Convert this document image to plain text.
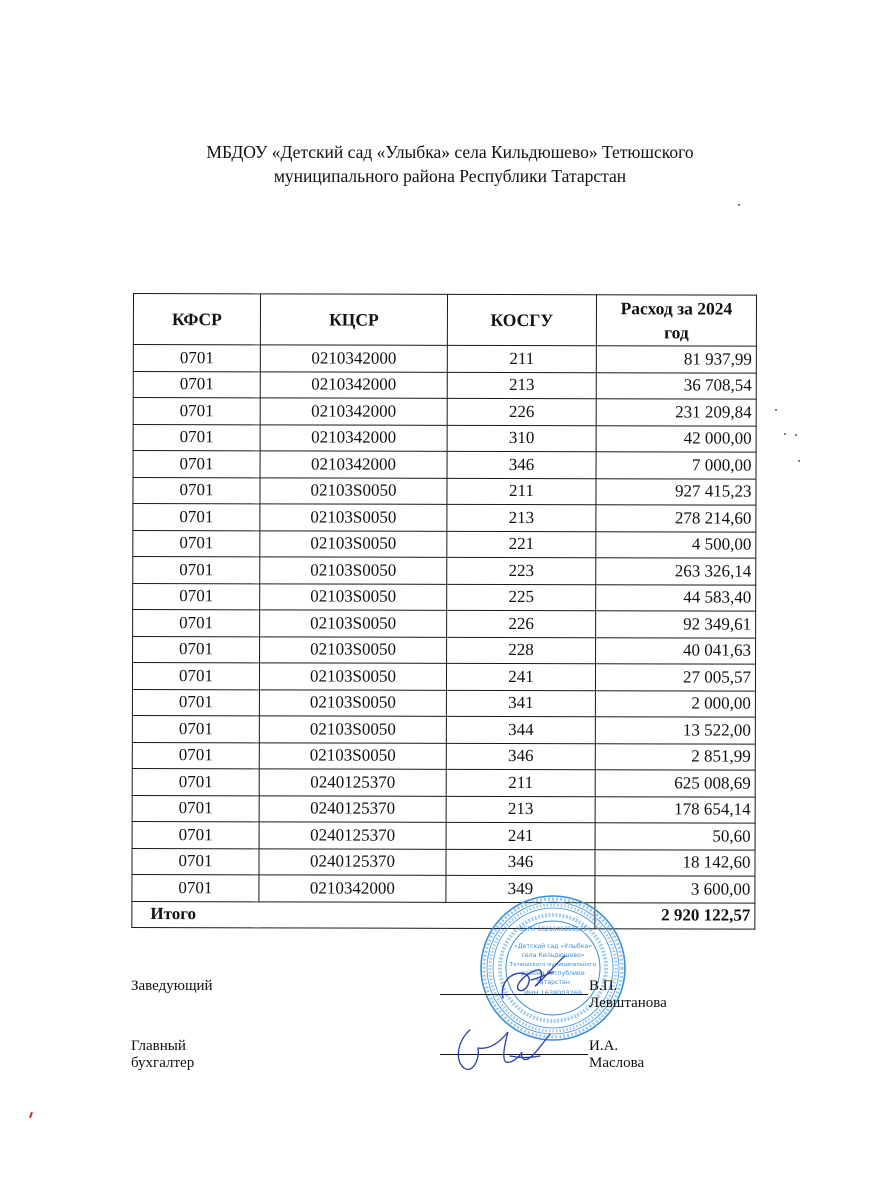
МБДОУ «Детский сад «Улыбка» села Кильдюшево» Тетюшского
муниципального района Республики Татарстан
КФСР	КЦСР	КОСГУ	Расход за 2024 год
0701	0210342000	211	81 937,99
0701	0210342000	213	36 708,54
0701	0210342000	226	231 209,84
0701	0210342000	310	42 000,00
0701	0210342000	346	7 000,00
0701	02103S0050	211	927 415,23
0701	02103S0050	213	278 214,60
0701	02103S0050	221	4 500,00
0701	02103S0050	223	263 326,14
0701	02103S0050	225	44 583,40
0701	02103S0050	226	92 349,61
0701	02103S0050	228	40 041,63
0701	02103S0050	241	27 005,57
0701	02103S0050	341	2 000,00
0701	02103S0050	344	13 522,00
0701	02103S0050	346	2 851,99
0701	0240125370	211	625 008,69
0701	0240125370	213	178 654,14
0701	0240125370	241	50,60
0701	0240125370	346	18 142,60
0701	0210342000	349	3 600,00
Итого			2 920 122,57
«Детский сад «Улыбка»
села Кильдюшево»
Тетюшского муниципального
района Республики
Татарстан
ИНН 1638003269
ОГРН 1021606356575
Заведующий	В.П. Левштанова
Главный бухгалтер
И.А. Маслова
